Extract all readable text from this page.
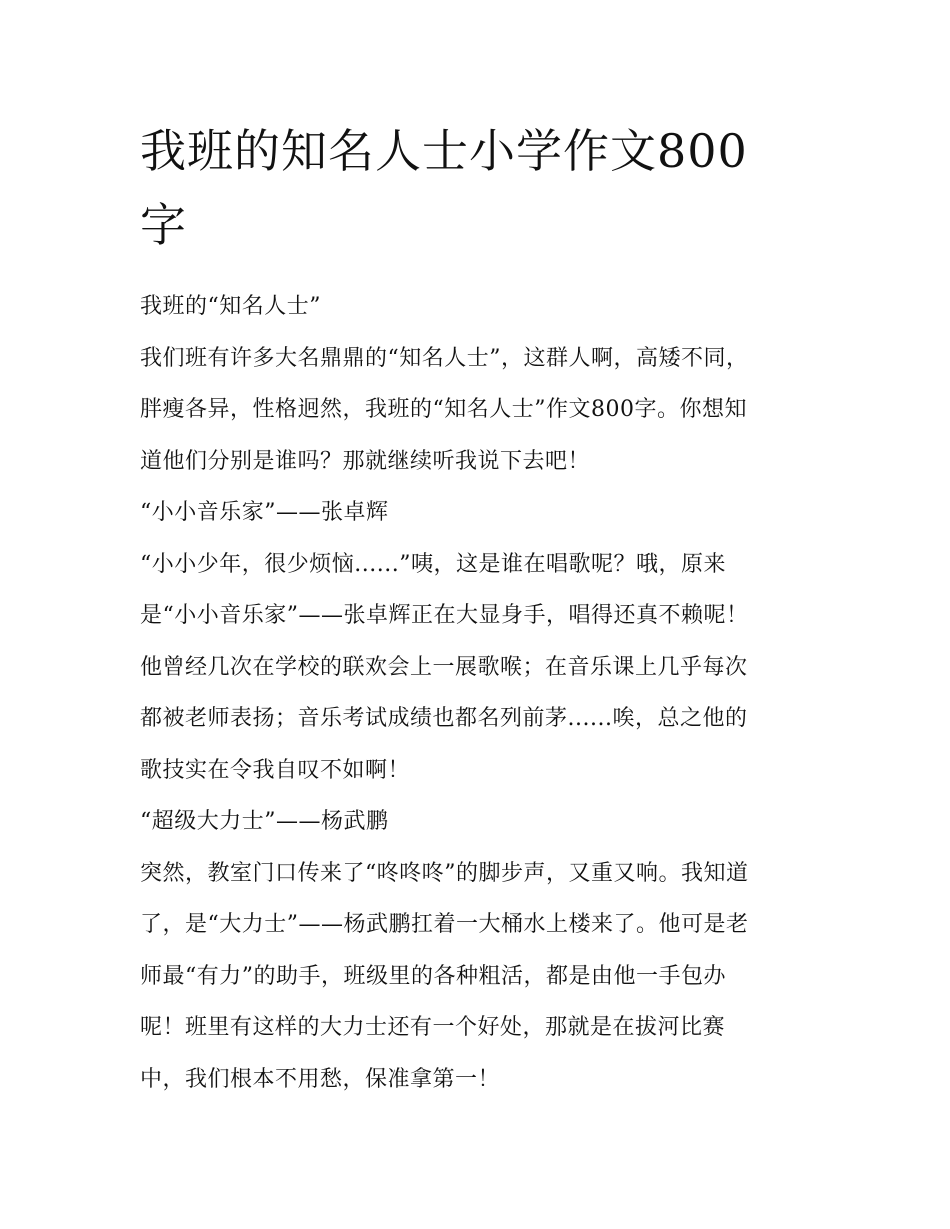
我班的知名人士小学作文800
字
我班的“知名人士”
我们班有许多大名鼎鼎的“知名人士”，这群人啊，高矮不同，
胖瘦各异，性格迥然，我班的“知名人士”作文800字。你想知
道他们分别是谁吗？那就继续听我说下去吧！
“小小音乐家”——张卓辉
“小小少年，很少烦恼......”咦，这是谁在唱歌呢？哦，原来
是“小小音乐家”——张卓辉正在大显身手，唱得还真不赖呢！
他曾经几次在学校的联欢会上一展歌喉；在音乐课上几乎每次
都被老师表扬；音乐考试成绩也都名列前茅......唉，总之他的
歌技实在令我自叹不如啊！
“超级大力士”——杨武鹏
突然，教室门口传来了“咚咚咚”的脚步声，又重又响。我知道
了，是“大力士”——杨武鹏扛着一大桶水上楼来了。他可是老
师最“有力”的助手，班级里的各种粗活，都是由他一手包办
呢！班里有这样的大力士还有一个好处，那就是在拔河比赛
中，我们根本不用愁，保准拿第一！
